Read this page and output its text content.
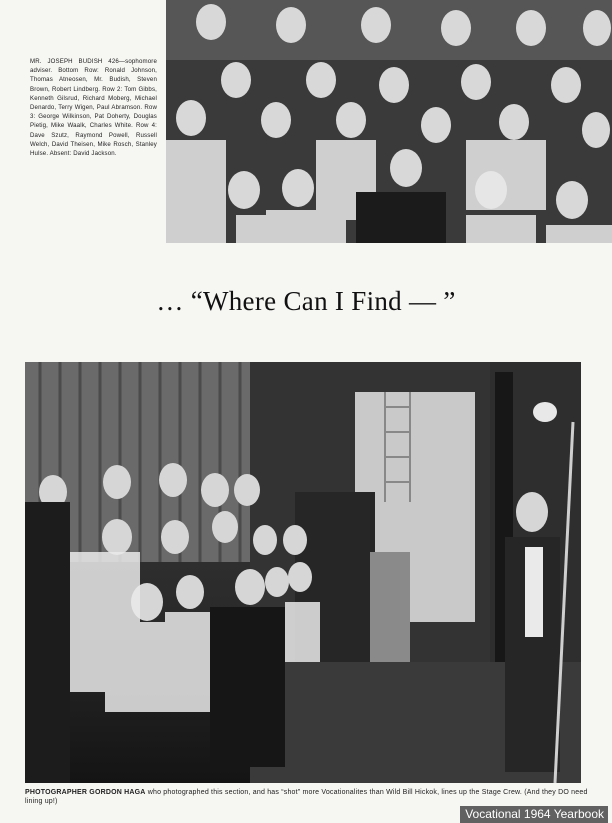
MR. JOSEPH BUDISH 426—sophomore adviser. Bottom Row: Ronald Johnson, Thomas Atneosen, Mr. Budish, Steven Brown, Robert Lindberg. Row 2: Tom Gibbs, Kenneth Gilsrud, Richard Moberg, Michael Denardo, Terry Wigen, Paul Abramson. Row 3: George Wilkinson, Pat Doherty, Douglas Pietig, Mike Waalk, Charles White. Row 4: Dave Szutz, Raymond Powell, Russell Welch, David Theisen, Mike Rosch, Stanley Hulse. Absent: David Jackson.
… “Where Can I Find — ”
PHOTOGRAPHER GORDON HAGA who photographed this section, and has “shot” more Vocationalites than Wild Bill Hickok, lines up the Stage Crew. (And they DO need lining up!)
Vocational 1964 Yearbook
